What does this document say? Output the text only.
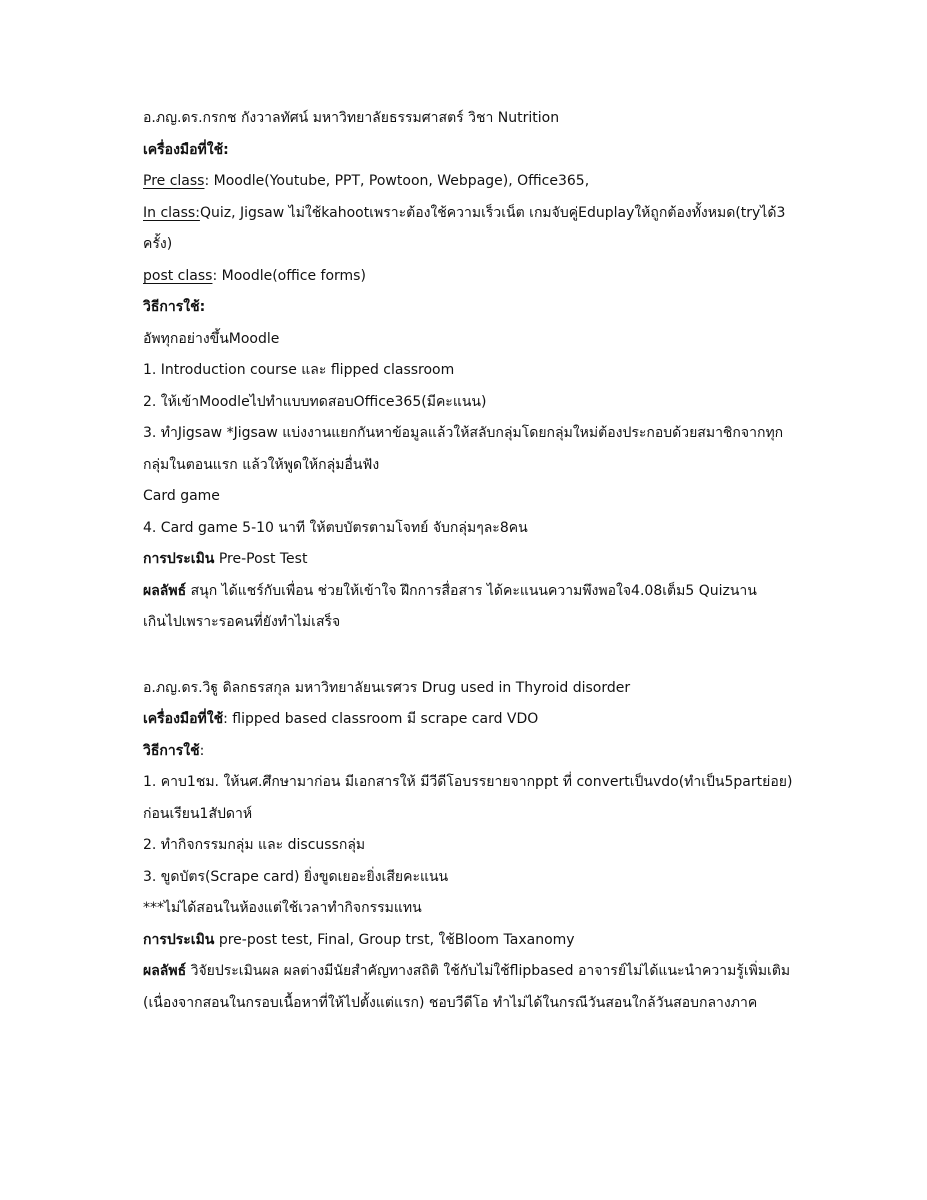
อ.ภญ.ดร.กรกช กังวาลทัศน์ มหาวิทยาลัยธรรมศาสตร์ วิชา Nutrition

เครื่องมือที่ใช้:

Pre class: Moodle(Youtube, PPT, Powtoon, Webpage), Office365,

In class:Quiz, Jigsaw ไม่ใช้kahootเพราะต้องใช้ความเร็วเน็ต เกมจับคู่Eduplayให้ถูกต้องทั้งหมด(tryได้3

ครั้ง)

post class: Moodle(office forms)

วิธีการใช้:

อัพทุกอย่างขึ้นMoodle

1. Introduction course และ flipped classroom

2. ให้เข้าMoodleไปทำแบบทดสอบOffice365(มีคะแนน)

3. ทำJigsaw *Jigsaw แบ่งงานแยกกันหาข้อมูลแล้วให้สลับกลุ่มโดยกลุ่มใหม่ต้องประกอบด้วยสมาชิกจากทุก

กลุ่มในตอนแรก แล้วให้พูดให้กลุ่มอื่นฟัง

Card game

4. Card game 5-10 นาที ให้ตบบัตรตามโจทย์ จับกลุ่มๆละ8คน

การประเมิน Pre-Post Test

ผลลัพธ์ สนุก ได้แชร์กับเพื่อน ช่วยให้เข้าใจ ฝึกการสื่อสาร ได้คะแนนความพึงพอใจ4.08เต็ม5 Quizนาน

เกินไปเพราะรอคนที่ยังทำไม่เสร็จ

อ.ภญ.ดร.วิฐู ดิลกธรสกุล มหาวิทยาลัยนเรศวร Drug used in Thyroid disorder

เครื่องมือที่ใช้: flipped based classroom มี scrape card VDO

วิธีการใช้:

1. คาบ1ชม. ให้นศ.ศึกษามาก่อน มีเอกสารให้ มีวีดีโอบรรยายจากppt ที่ convertเป็นvdo(ทำเป็น5partย่อย)

ก่อนเรียน1สัปดาห์

2. ทำกิจกรรมกลุ่ม และ discussกลุ่ม

3. ขูดบัตร(Scrape card) ยิ่งขูดเยอะยิ่งเสียคะแนน

***ไม่ได้สอนในห้องแต่ใช้เวลาทำกิจกรรมแทน

การประเมิน pre-post test, Final, Group trst, ใช้Bloom Taxanomy

ผลลัพธ์ วิจัยประเมินผล ผลต่างมีนัยสำคัญทางสถิติ ใช้กับไม่ใช้flipbased อาจารย์ไม่ได้แนะนำความรู้เพิ่มเติม

(เนื่องจากสอนในกรอบเนื้อหาที่ให้ไปตั้งแต่แรก) ชอบวีดีโอ ทำไม่ได้ในกรณีวันสอนใกล้วันสอบกลางภาค
